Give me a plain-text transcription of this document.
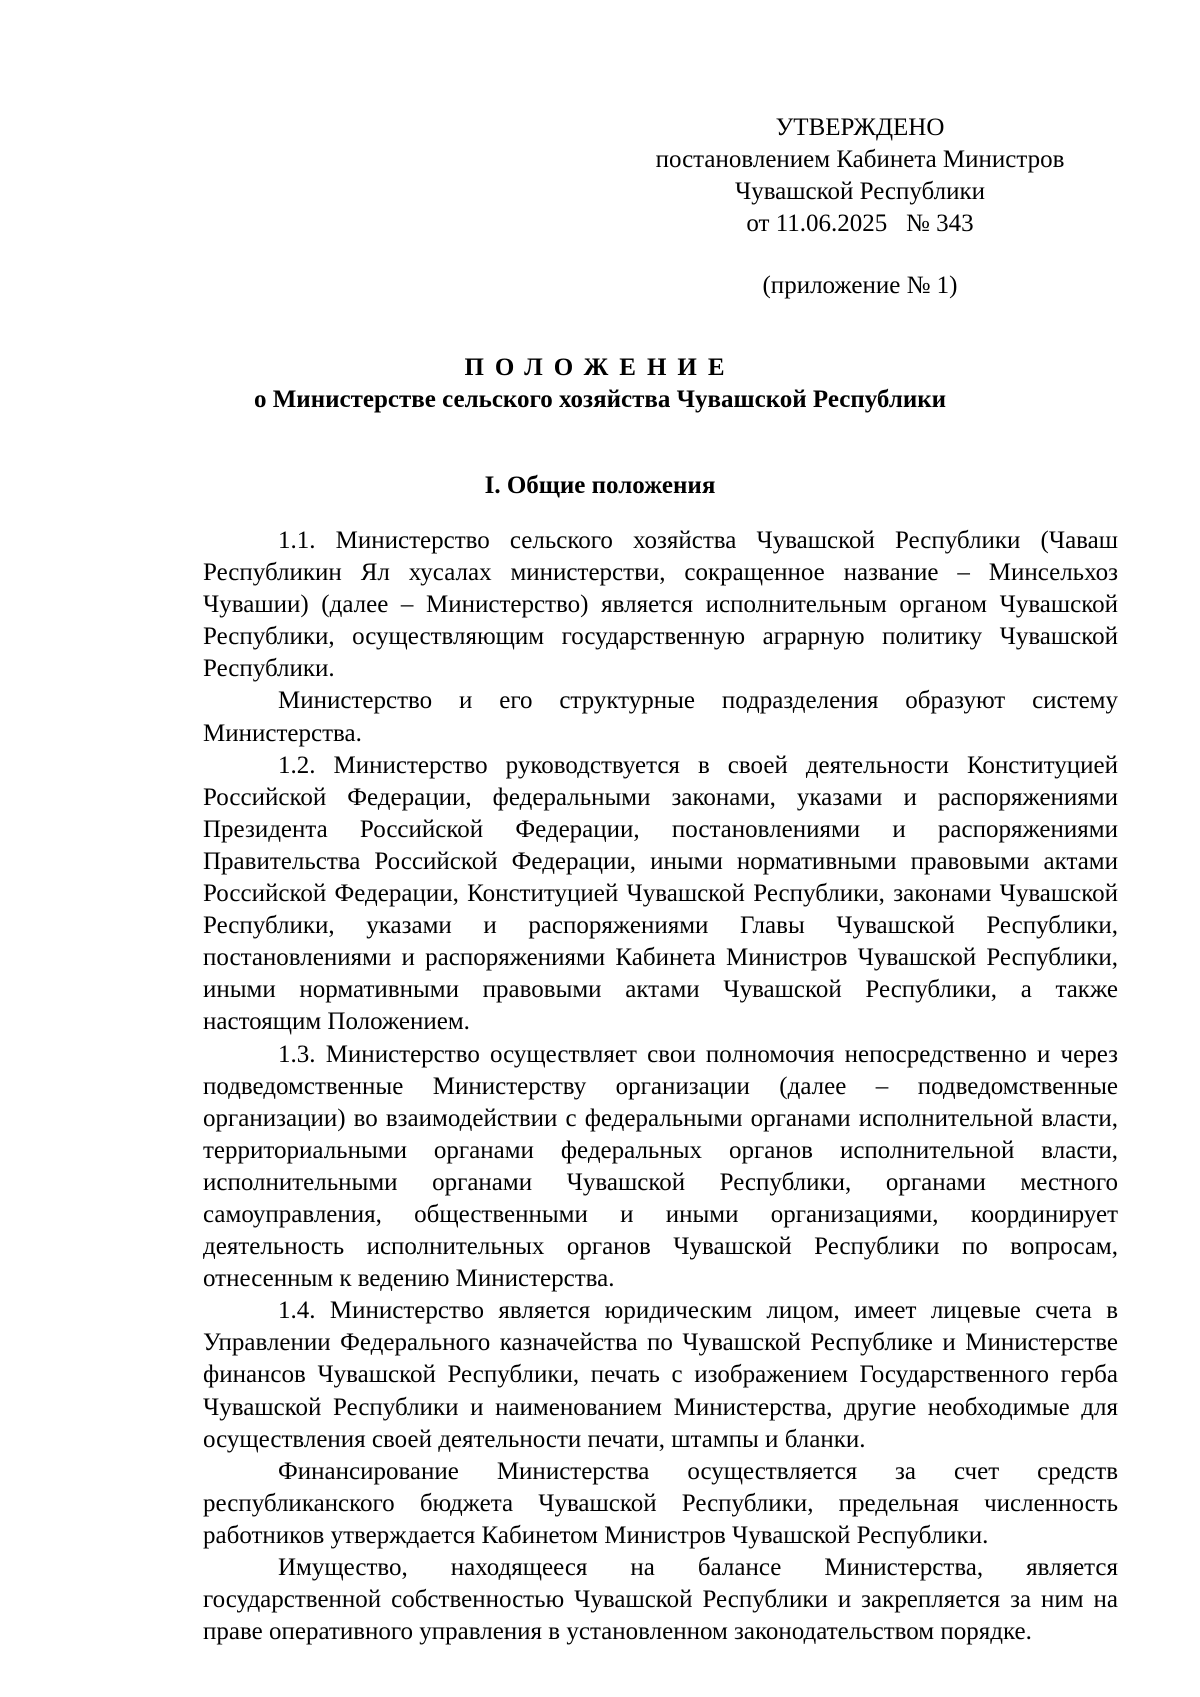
УТВЕРЖДЕНО
постановлением Кабинета Министров
Чувашской Республики
от 11.06.2025   № 343
(приложение № 1)
ПОЛОЖЕНИЕ
о Министерстве сельского хозяйства Чувашской Республики
I. Общие положения

1.1. Министерство сельского хозяйства Чувашской Республики (Чаваш Республикин Ял хусалах министерстви, сокращенное название – Минсельхоз Чувашии) (далее – Министерство) является исполнительным органом Чувашской Республики, осуществляющим государственную аграрную политику Чувашской Республики.

Министерство и его структурные подразделения образуют систему Министерства.

1.2. Министерство руководствуется в своей деятельности Конституцией Российской Федерации, федеральными законами, указами и распоряжениями Президента Российской Федерации, постановлениями и распоряжениями Правительства Российской Федерации, иными нормативными правовыми актами Российской Федерации, Конституцией Чувашской Республики, законами Чувашской Республики, указами и распоряжениями Главы Чувашской Республики, постановлениями и распоряжениями Кабинета Министров Чувашской Республики, иными нормативными правовыми актами Чувашской Республики, а также настоящим Положением.

1.3. Министерство осуществляет свои полномочия непосредственно и через подведомственные Министерству организации (далее – подведомственные организации) во взаимодействии с федеральными органами исполнительной власти, территориальными органами федеральных органов исполнительной власти, исполнительными органами Чувашской Республики, органами местного самоуправления, общественными и иными организациями, координирует деятельность исполнительных органов Чувашской Республики по вопросам, отнесенным к ведению Министерства.

1.4. Министерство является юридическим лицом, имеет лицевые счета в Управлении Федерального казначейства по Чувашской Республике и Министерстве финансов Чувашской Республики, печать с изображением Государственного герба Чувашской Республики и наименованием Министерства, другие необходимые для осуществления своей деятельности печати, штампы и бланки.

Финансирование Министерства осуществляется за счет средств республиканского бюджета Чувашской Республики, предельная численность работников утверждается Кабинетом Министров Чувашской Республики.

Имущество, находящееся на балансе Министерства, является государственной собственностью Чувашской Республики и закрепляется за ним на праве оперативного управления в установленном законодательством порядке.
